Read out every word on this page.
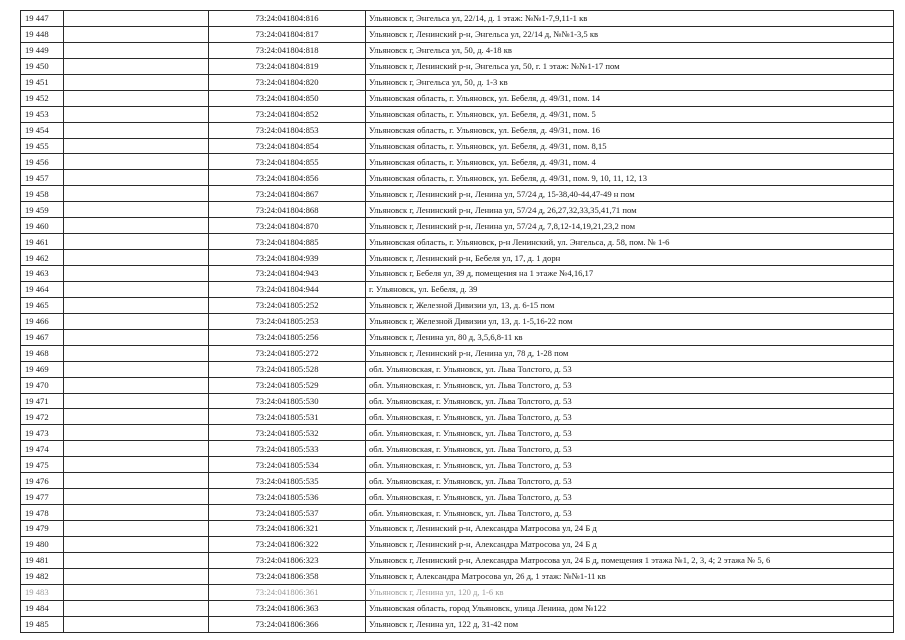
19 447		73:24:041804:816	Ульяновск г, Энгельса ул, 22/14, д. 1 этаж: №№1-7,9,11-1 кв
19 448		73:24:041804:817	Ульяновск г, Ленинский р-н, Энгельса ул, 22/14 д, №№1-3,5 кв
19 449		73:24:041804:818	Ульяновск г, Энгельса ул, 50, д. 4-18 кв
19 450		73:24:041804:819	Ульяновск г, Ленинский р-н, Энгельса ул, 50, г. 1 этаж: №№1-17 пом
19 451		73:24:041804:820	Ульяновск г, Энгельса ул, 50, д. 1-3 кв
19 452		73:24:041804:850	Ульяновская область, г. Ульяновск, ул. Бебеля, д. 49/31, пом. 14
19 453		73:24:041804:852	Ульяновская область, г. Ульяновск, ул. Бебеля, д. 49/31, пом. 5
19 454		73:24:041804:853	Ульяновская область, г. Ульяновск, ул. Бебеля, д. 49/31, пом. 16
19 455		73:24:041804:854	Ульяновская область, г. Ульяновск, ул. Бебеля, д. 49/31, пом. 8,15
19 456		73:24:041804:855	Ульяновская область, г. Ульяновск, ул. Бебеля, д. 49/31, пом. 4
19 457		73:24:041804:856	Ульяновская область, г. Ульяновск, ул. Бебеля, д. 49/31, пом. 9, 10, 11, 12, 13
19 458		73:24:041804:867	Ульяновск г, Ленинский р-н, Ленина ул, 57/24 д, 15-38,40-44,47-49 н пом
19 459		73:24:041804:868	Ульяновск г, Ленинский р-н, Ленина ул, 57/24 д, 26,27,32,33,35,41,71 пом
19 460		73:24:041804:870	Ульяновск г, Ленинский р-н, Ленина ул, 57/24 д, 7,8,12-14,19,21,23,2 пом
19 461		73:24:041804:885	Ульяновская область, г. Ульяновск, р-н Ленинский, ул. Энгельса, д. 58, пом. № 1-6
19 462		73:24:041804:939	Ульяновск г, Ленинский р-н, Бебеля ул, 17, д. 1 дорн
19 463		73:24:041804:943	Ульяновск г, Бебеля ул, 39 д, помещения на 1 этаже №4,16,17
19 464		73:24:041804:944	г. Ульяновск, ул. Бебеля, д. 39
19 465		73:24:041805:252	Ульяновск г, Железной Дивизии ул, 13, д. 6-15 пом
19 466		73:24:041805:253	Ульяновск г, Железной Дивизии ул, 13, д. 1-5,16-22 пом
19 467		73:24:041805:256	Ульяновск г, Ленина ул, 80 д, 3,5,6,8-11 кв
19 468		73:24:041805:272	Ульяновск г, Ленинский р-н, Ленина ул, 78 д, 1-28 пом
19 469		73:24:041805:528	обл. Ульяновская, г. Ульяновск, ул. Льва Толстого, д. 53
19 470		73:24:041805:529	обл. Ульяновская, г. Ульяновск, ул. Льва Толстого, д. 53
19 471		73:24:041805:530	обл. Ульяновская, г. Ульяновск, ул. Льва Толстого, д. 53
19 472		73:24:041805:531	обл. Ульяновская, г. Ульяновск, ул. Льва Толстого, д. 53
19 473		73:24:041805:532	обл. Ульяновская, г. Ульяновск, ул. Льва Толстого, д. 53
19 474		73:24:041805:533	обл. Ульяновская, г. Ульяновск, ул. Льва Толстого, д. 53
19 475		73:24:041805:534	обл. Ульяновская, г. Ульяновск, ул. Льва Толстого, д. 53
19 476		73:24:041805:535	обл. Ульяновская, г. Ульяновск, ул. Льва Толстого, д. 53
19 477		73:24:041805:536	обл. Ульяновская, г. Ульяновск, ул. Льва Толстого, д. 53
19 478		73:24:041805:537	обл. Ульяновская, г. Ульяновск, ул. Льва Толстого, д. 53
19 479		73:24:041806:321	Ульяновск г, Ленинский р-н, Александра Матросова ул, 24 Б д
19 480		73:24:041806:322	Ульяновск г, Ленинский р-н, Александра Матросова ул, 24 Б д
19 481		73:24:041806:323	Ульяновск г, Ленинский р-н, Александра Матросова ул, 24 Б д, помещения 1 этажа №1, 2, 3, 4; 2 этажа № 5, 6
19 482		73:24:041806:358	Ульяновск г, Александра Матросова ул, 26 д, 1 этаж: №№1-11 кв
19 483		73:24:041806:361	Ульяновск г, Ленина ул, 120 д, 1-6 кв
19 484		73:24:041806:363	Ульяновская область, город Ульяновск, улица Ленина, дом №122
19 485		73:24:041806:366	Ульяновск г, Ленина ул, 122 д, 31-42 пом
